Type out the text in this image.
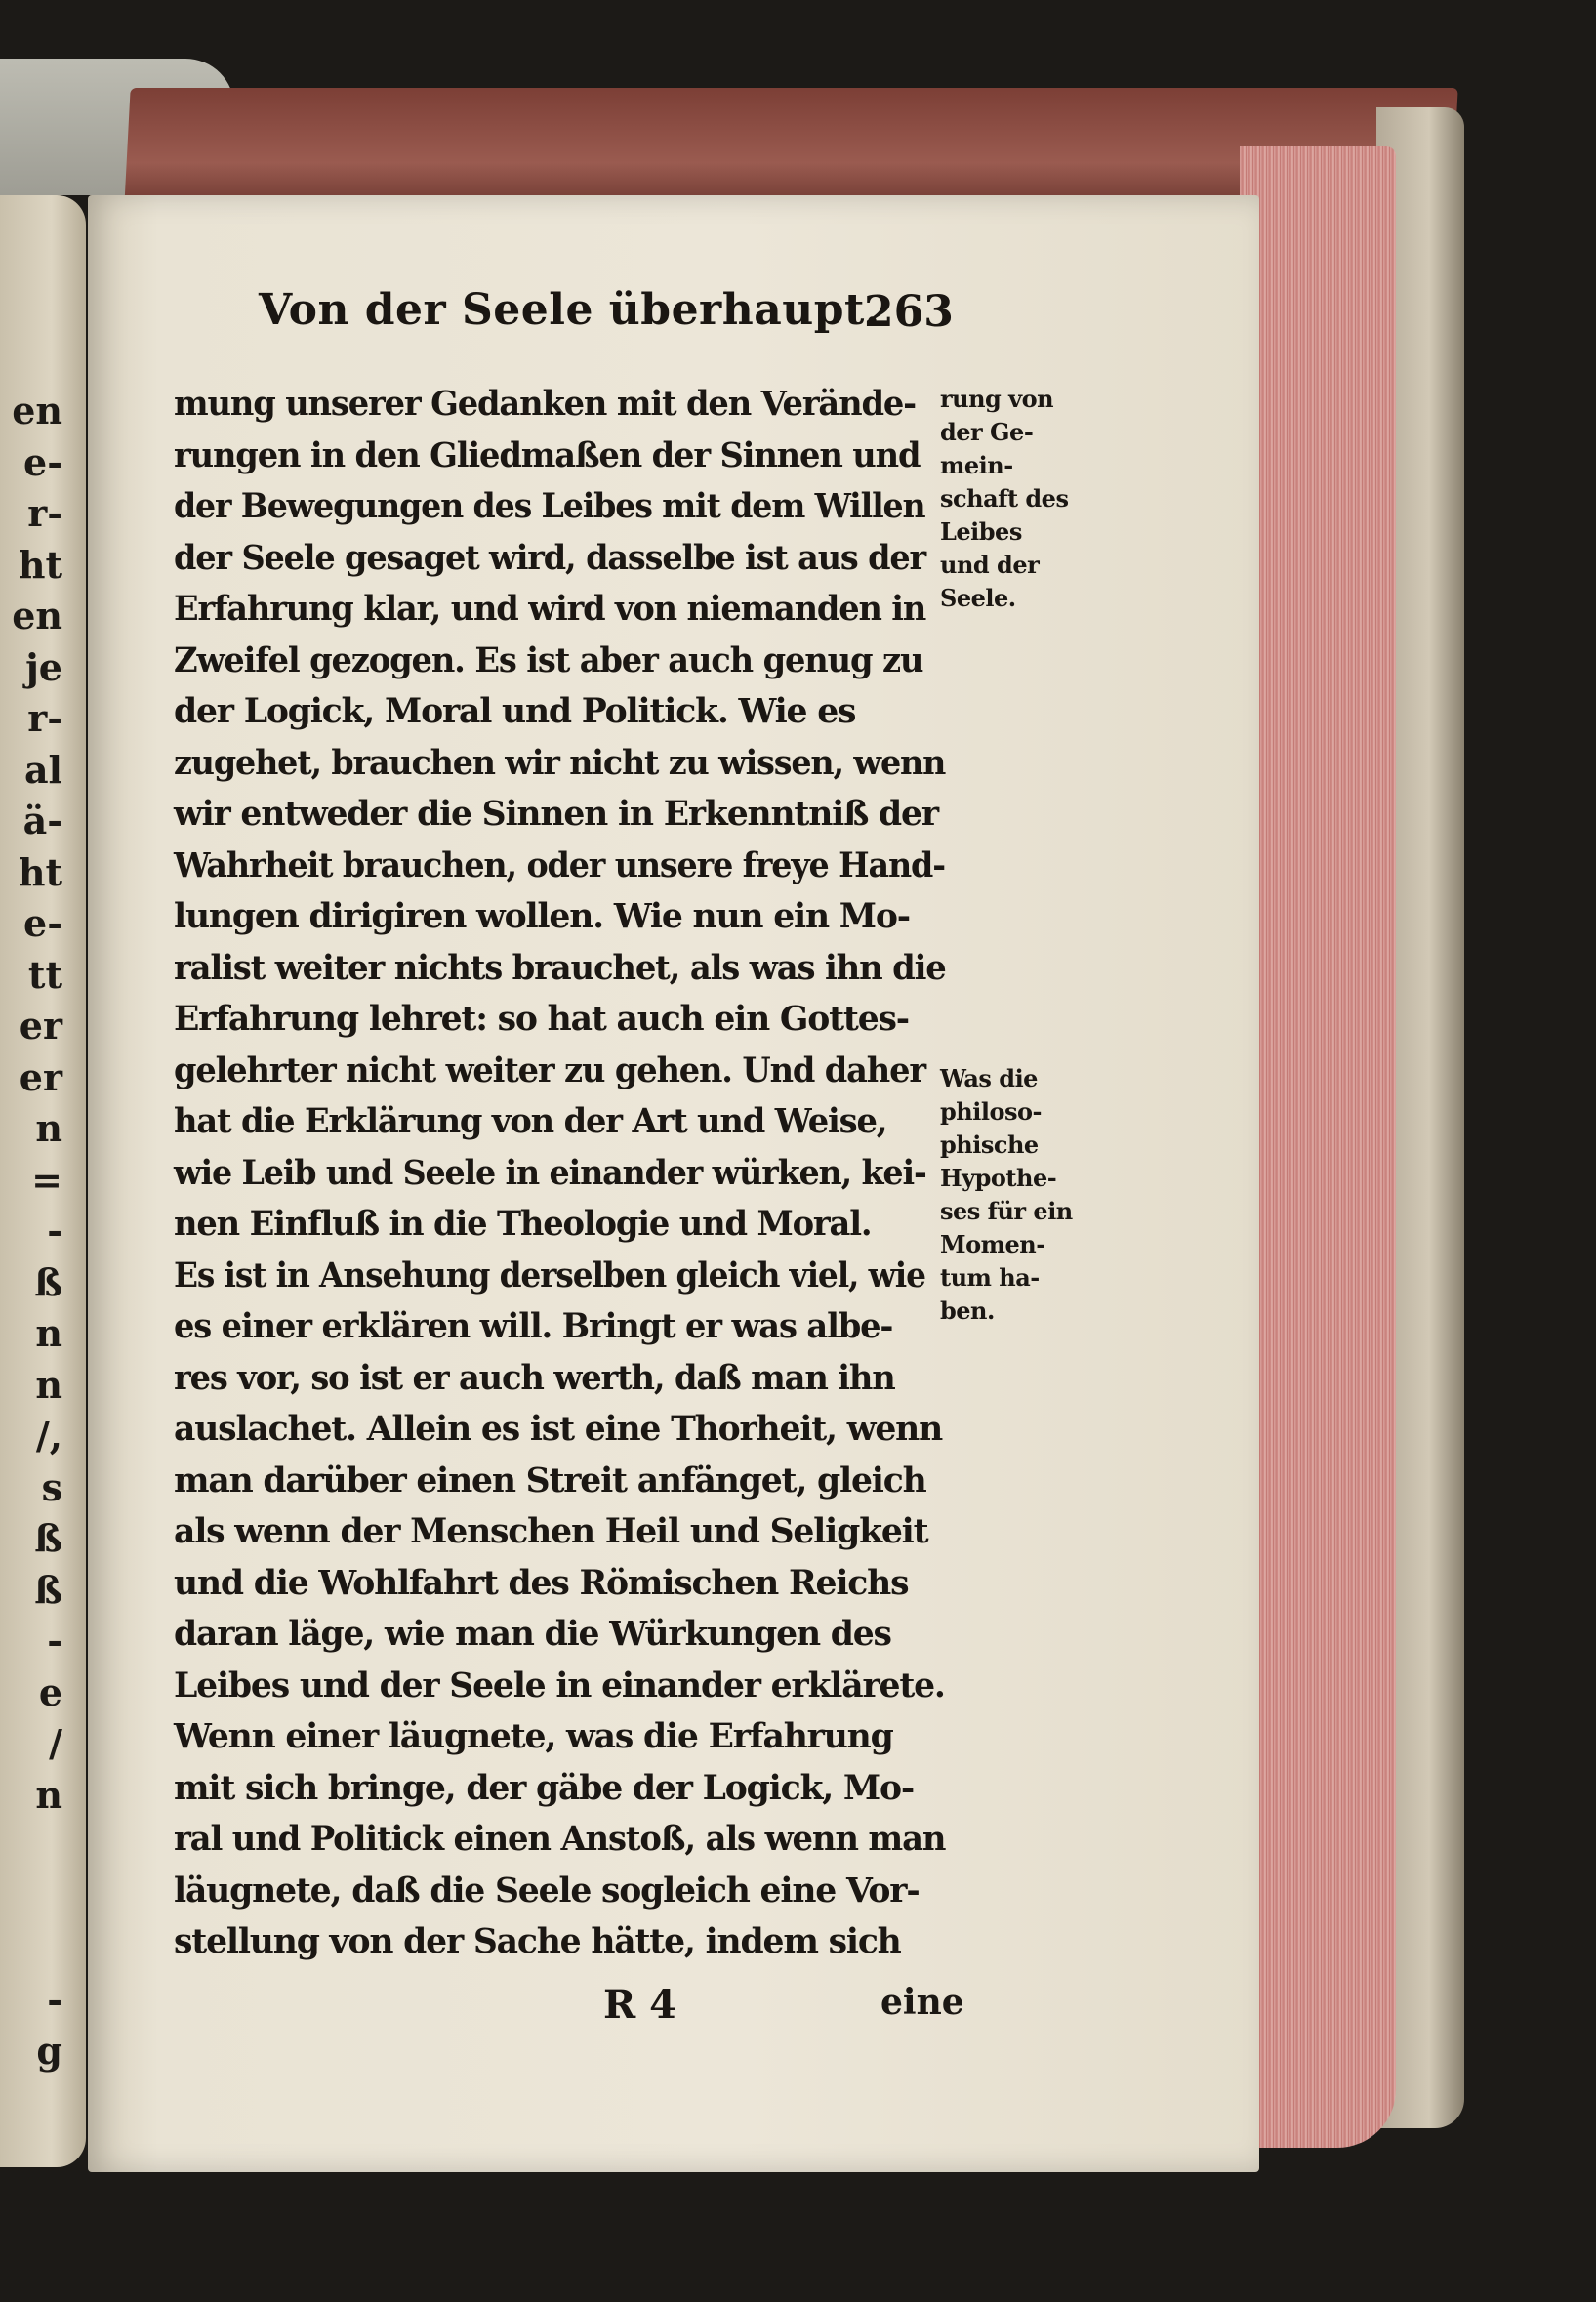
en
e-
r-
ht
en
je
r-
al
ä-
ht
e-
tt
er
er
n
=
-
ß
n
n
/,
s
ß
ß
-
e
/
n
-
g
Von der Seele überhaupt.
263
mung unserer Gedanken mit den Verände-
rungen in den Gliedmaßen der Sinnen und
der Bewegungen des Leibes mit dem Willen
der Seele gesaget wird, dasselbe ist aus der
Erfahrung klar, und wird von niemanden in
Zweifel gezogen. Es ist aber auch genug zu
der Logick, Moral und Politick. Wie es
zugehet, brauchen wir nicht zu wissen, wenn
wir entweder die Sinnen in Erkenntniß der
Wahrheit brauchen, oder unsere freye Hand-
lungen dirigiren wollen. Wie nun ein Mo-
ralist weiter nichts brauchet, als was ihn die
Erfahrung lehret: so hat auch ein Gottes-
gelehrter nicht weiter zu gehen. Und daher
hat die Erklärung von der Art und Weise,
wie Leib und Seele in einander würken, kei-
nen Einfluß in die Theologie und Moral.
Es ist in Ansehung derselben gleich viel, wie
es einer erklären will. Bringt er was albe-
res vor, so ist er auch werth, daß man ihn
auslachet. Allein es ist eine Thorheit, wenn
man darüber einen Streit anfänget, gleich
als wenn der Menschen Heil und Seligkeit
und die Wohlfahrt des Römischen Reichs
daran läge, wie man die Würkungen des
Leibes und der Seele in einander erklärete.
Wenn einer läugnete, was die Erfahrung
mit sich bringe, der gäbe der Logick, Mo-
ral und Politick einen Anstoß, als wenn man
läugnete, daß die Seele sogleich eine Vor-
stellung von der Sache hätte, indem sich
rung von
der Ge-
mein-
schaft des
Leibes
und der
Seele.
Was die
philoso-
phische
Hypothe-
ses für ein
Momen-
tum ha-
ben.
R 4	eine
